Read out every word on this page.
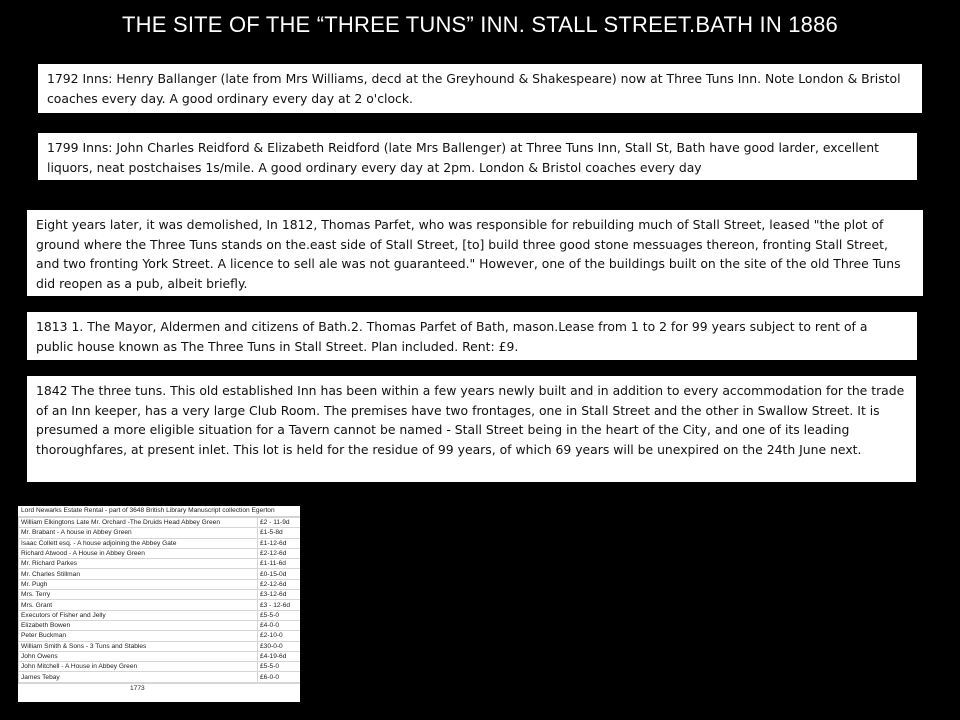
THE SITE OF THE “THREE TUNS” INN. STALL STREET.BATH IN 1886
1792 Inns: Henry Ballanger (late from Mrs Williams, decd at the Greyhound & Shakespeare) now at Three Tuns Inn. Note London & Bristol coaches every day. A good ordinary every day at 2 o'clock.
1799 Inns: John Charles Reidford & Elizabeth Reidford (late Mrs Ballenger) at Three Tuns Inn, Stall St, Bath have good larder, excellent liquors, neat postchaises 1s/mile. A good ordinary every day at 2pm. London & Bristol coaches every day
Eight years later, it was demolished, In 1812, Thomas Parfet, who was responsible for rebuilding much of Stall Street, leased "the plot of ground where the Three Tuns stands on the.east side of Stall Street, [to] build three good stone messuages thereon, fronting Stall Street, and two fronting York Street. A licence to sell ale was not guaranteed." However, one of the buildings built on the site of the old Three Tuns did reopen as a pub, albeit briefly.
1813 1. The Mayor, Aldermen and citizens of Bath.2. Thomas Parfet of Bath, mason.Lease from 1 to 2 for 99 years subject to rent of a public house known as The Three Tuns in Stall Street. Plan included. Rent: £9.
1842 The three tuns. This old established Inn has been within a few years newly built and in addition to every accommodation for the trade of an Inn keeper, has a very large Club Room. The premises have two frontages, one in Stall Street and the other in Swallow Street. It is presumed a more eligible situation for a Tavern cannot be named - Stall Street being in the heart of the City, and one of its leading thoroughfares, at present inlet. This lot is held for the residue of 99 years, of which 69 years will be unexpired on the 24th June next.
Lord Newarks Estate Rental - part of 3648 British Library Manuscript collection Egerton
William Elkingtons Late Mr. Orchard -The Druids Head Abbey Green	£2 - 11-9d
Mr. Brabant - A house in Abbey Green	£1-5-8d
Isaac Collett esq. - A house adjoining the Abbey Gate	£1-12-6d
Richard Atwood - A House in Abbey Green	£2-12-6d
Mr. Richard Parkes	£1-11-6d
Mr. Charles Stillman	£0-15-0d
Mr. Pugh	£2-12-6d
Mrs. Terry	£3-12-6d
Mrs. Grant	£3 - 12-6d
Executors of Fisher and Jelly	£5-5-0
Elizabeth Bowen	£4-0-0
Peter Buckman	£2-10-0
William Smith & Sons - 3 Tuns and Stables	£30-0-0
John Owens	£4-19-6d
John Mitchell - A House in Abbey Green	£5-5-0
James Tebay	£6-0-0
1773
